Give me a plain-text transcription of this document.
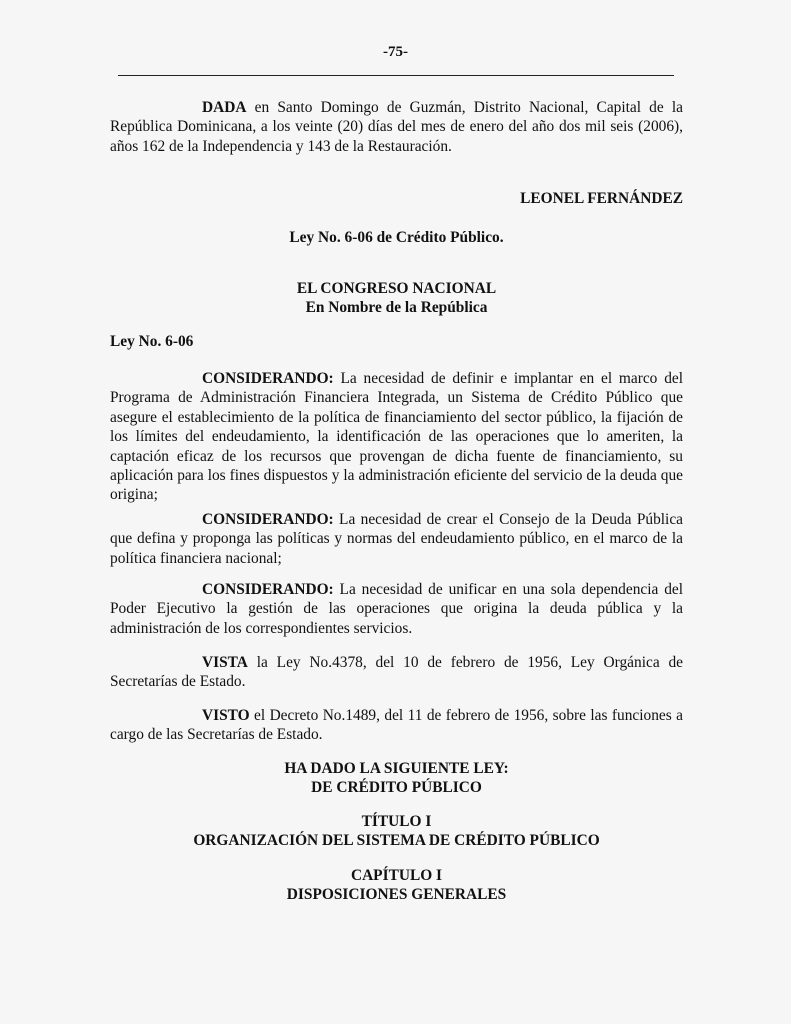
-75-
DADA en Santo Domingo de Guzmán, Distrito Nacional, Capital de la República Dominicana, a los veinte (20) días del mes de enero del año dos mil seis (2006), años 162 de la Independencia y 143 de la Restauración.
LEONEL FERNÁNDEZ
Ley No. 6-06 de Crédito Público.
EL CONGRESO NACIONAL
En Nombre de la República
Ley No. 6-06
CONSIDERANDO: La necesidad de definir e implantar en el marco del Programa de Administración Financiera Integrada, un Sistema de Crédito Público que asegure el establecimiento de la política de financiamiento del sector público, la fijación de los límites del endeudamiento, la identificación de las operaciones que lo ameriten, la captación eficaz de los recursos que provengan de dicha fuente de financiamiento, su aplicación para los fines dispuestos y la administración eficiente del servicio de la deuda que origina;
CONSIDERANDO: La necesidad de crear el Consejo de la Deuda Pública que defina y proponga las políticas y normas del endeudamiento público, en el marco de la política financiera nacional;
CONSIDERANDO: La necesidad de unificar en una sola dependencia del Poder Ejecutivo la gestión de las operaciones que origina la deuda pública y la administración de los correspondientes servicios.
VISTA la Ley No.4378, del 10 de febrero de 1956, Ley Orgánica de Secretarías de Estado.
VISTO el Decreto No.1489, del 11 de febrero de 1956, sobre las funciones a cargo de las Secretarías de Estado.
HA DADO LA SIGUIENTE LEY:
DE CRÉDITO PÚBLICO
TÍTULO I
ORGANIZACIÓN DEL SISTEMA DE CRÉDITO PÚBLICO
CAPÍTULO I
DISPOSICIONES GENERALES
